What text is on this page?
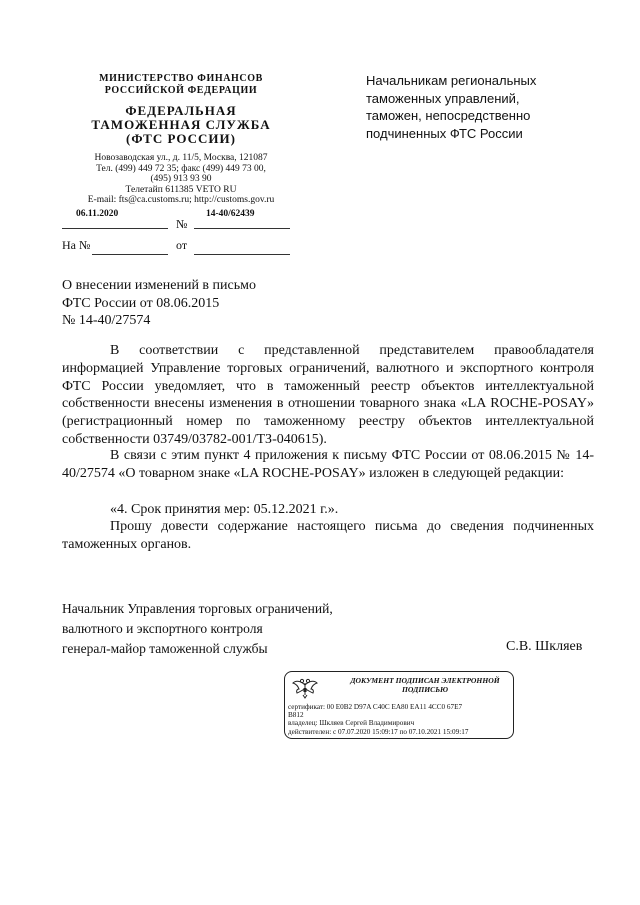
МИНИСТЕРСТВО ФИНАНСОВ
РОССИЙСКОЙ ФЕДЕРАЦИИ
ФЕДЕРАЛЬНАЯ
ТАМОЖЕННАЯ СЛУЖБА
(ФТС РОССИИ)
Новозаводская ул., д. 11/5, Москва, 121087
Тел. (499) 449 72 35; факс (499) 449 73 00,
(495) 913 93 90
Телетайп 611385 VETO RU
E-mail: fts@ca.customs.ru; http://customs.gov.ru
06.11.2020
№
14-40/62439
На №	от
Начальникам региональных
таможенных управлений,
таможен, непосредственно
подчиненных ФТС России
О внесении изменений в письмо
ФТС России от 08.06.2015
№ 14-40/27574
В соответствии с представленной представителем правообладателя информацией Управление торговых ограничений, валютного и экспортного контроля ФТС России уведомляет, что в таможенный реестр объектов интеллектуальной собственности внесены изменения в отношении товарного знака «LA ROCHE-POSAY» (регистрационный номер по таможенному реестру объектов интеллектуальной собственности 03749/03782-001/ТЗ-040615).
В связи с этим пункт 4 приложения к письму ФТС России от 08.06.2015 № 14-40/27574 «О товарном знаке «LA ROCHE-POSAY» изложен в следующей редакции:
«4. Срок принятия мер: 05.12.2021 г.».
Прошу довести содержание настоящего письма до сведения подчиненных таможенных органов.
Начальник Управления торговых ограничений,
валютного и экспортного контроля
генерал-майор таможенной службы	С.В. Шкляев
ДОКУМЕНТ ПОДПИСАН ЭЛЕКТРОННОЙ
ПОДПИСЬЮ
сертификат: 00 E0B2 D97A C40C EA80 EA11 4CC0 67E7
B812
владелец: Шкляев Сергей Владимирович
действителен: с 07.07.2020 15:09:17 по 07.10.2021 15:09:17
